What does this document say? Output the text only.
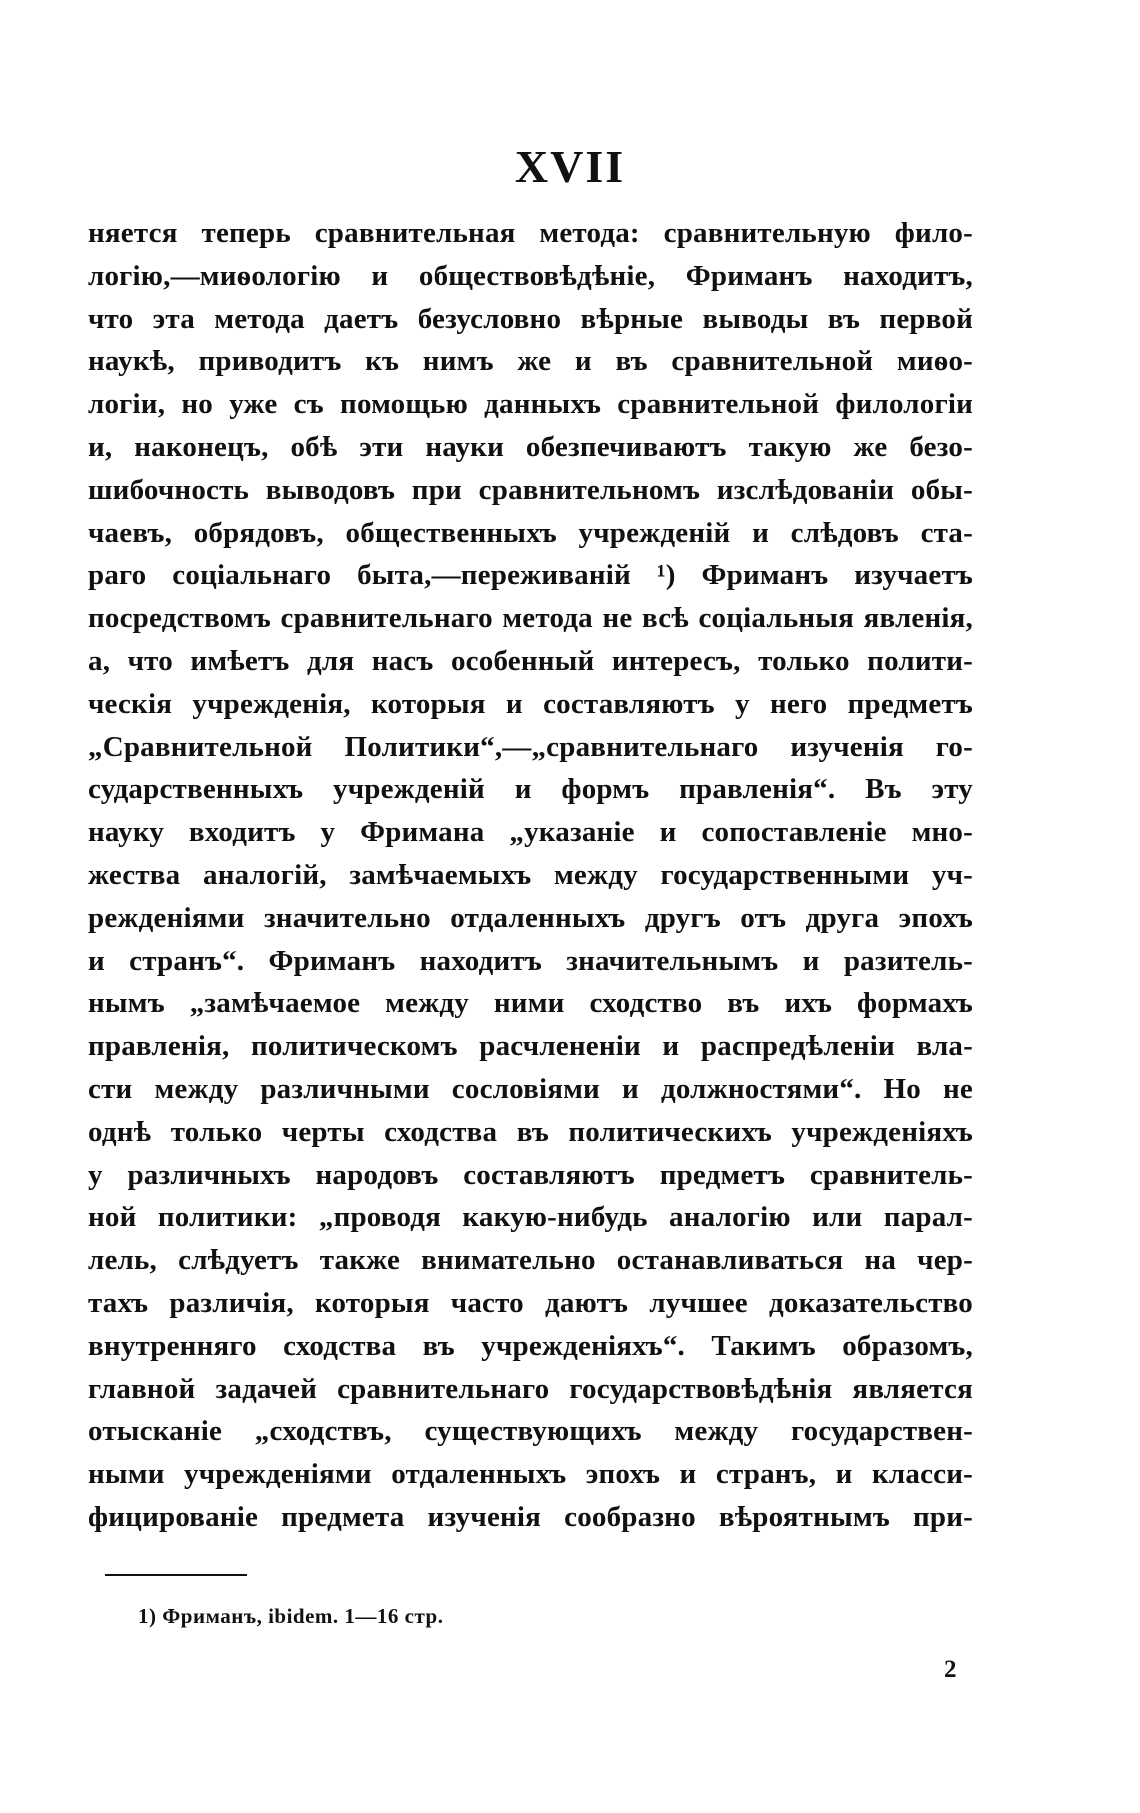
XVII
няется теперь сравнительная метода: сравнительную фило-
логію,—миѳологію и обществовѣдѣніе, Фриманъ находитъ,
что эта метода даетъ безусловно вѣрные выводы въ первой
наукѣ, приводитъ къ нимъ же и въ сравнительной миѳо-
логіи, но уже съ помощью данныхъ сравнительной филологіи
и, наконецъ, обѣ эти науки обезпечиваютъ такую же безо-
шибочность выводовъ при сравнительномъ изслѣдованіи обы-
чаевъ, обрядовъ, общественныхъ учрежденій и слѣдовъ ста-
раго соціальнаго быта,—переживаній ¹) Фриманъ изучаетъ
посредствомъ сравнительнаго метода не всѣ соціальныя явленія,
а, что имѣетъ для насъ особенный интересъ, только полити-
ческія учрежденія, которыя и составляютъ у него предметъ
„Сравнительной Политики“,—„сравнительнаго изученія го-
сударственныхъ учрежденій и формъ правленія“. Въ эту
науку входитъ у Фримана „указаніе и сопоставленіе мно-
жества аналогій, замѣчаемыхъ между государственными уч-
режденіями значительно отдаленныхъ другъ отъ друга эпохъ
и странъ“. Фриманъ находитъ значительнымъ и разитель-
нымъ „замѣчаемое между ними сходство въ ихъ формахъ
правленія, политическомъ расчлененіи и распредѣленіи вла-
сти между различными сословіями и должностями“. Но не
однѣ только черты сходства въ политическихъ учрежденіяхъ
у различныхъ народовъ составляютъ предметъ сравнитель-
ной политики: „проводя какую-нибудь аналогію или парал-
лель, слѣдуетъ также внимательно останавливаться на чер-
тахъ различія, которыя часто даютъ лучшее доказательство
внутренняго сходства въ учрежденіяхъ“. Такимъ образомъ,
главной задачей сравнительнаго государствовѣдѣнія является
отысканіе „сходствъ, существующихъ между государствен-
ными учрежденіями отдаленныхъ эпохъ и странъ, и класси-
фицированіе предмета изученія сообразно вѣроятнымъ при-
1) Фриманъ, ibidem. 1—16 стр.
2
